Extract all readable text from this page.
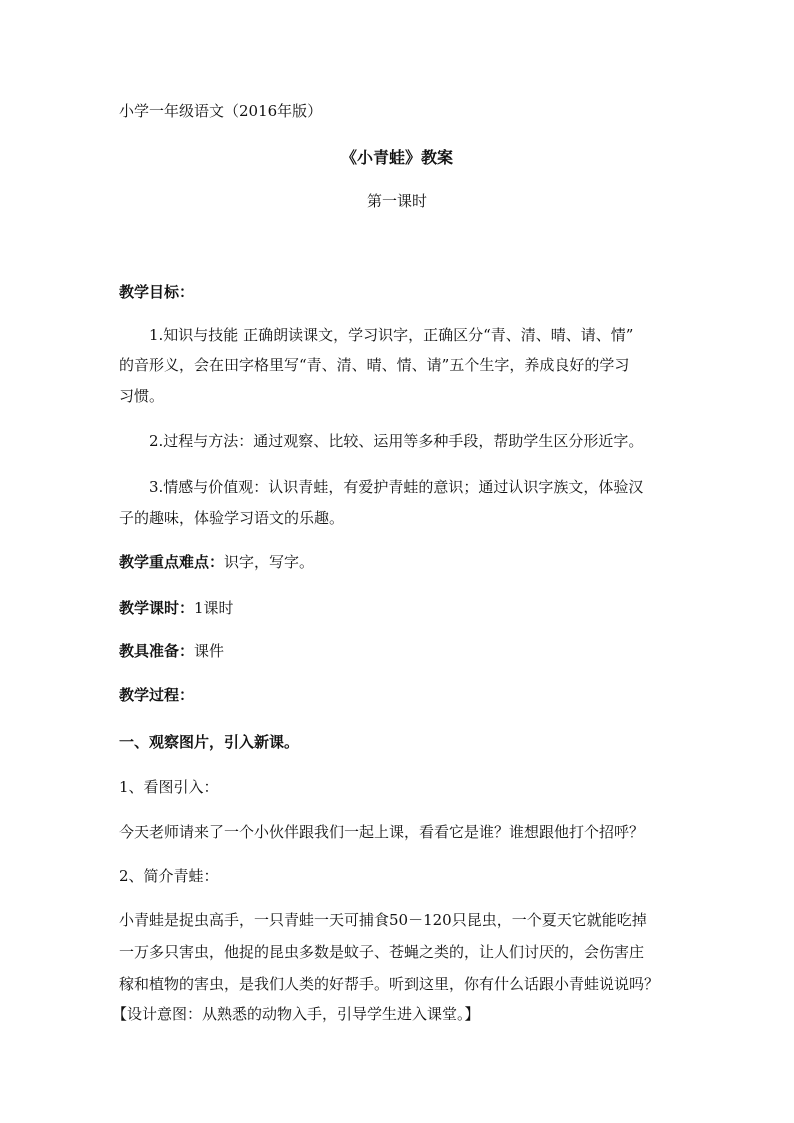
小学一年级语文（2016年版）
《小青蛙》教案
第一课时
教学目标：
1.知识与技能 正确朗读课文，学习识字，正确区分“青、清、晴、请、情”
的音形义，会在田字格里写“青、清、晴、情、请”五个生字，养成良好的学习
习惯。
2.过程与方法：通过观察、比较、运用等多种手段，帮助学生区分形近字。
3.情感与价值观：认识青蛙，有爱护青蛙的意识；通过认识字族文，体验汉
子的趣味，体验学习语文的乐趣。
教学重点难点：识字，写字。
教学课时：1课时
教具准备：课件
教学过程：
一、观察图片，引入新课。
1、看图引入：
今天老师请来了一个小伙伴跟我们一起上课，看看它是谁？谁想跟他打个招呼？
2、简介青蛙：
小青蛙是捉虫高手，一只青蛙一天可捕食50－120只昆虫，一个夏天它就能吃掉
一万多只害虫，他捉的昆虫多数是蚊子、苍蝇之类的，让人们讨厌的，会伤害庄
稼和植物的害虫，是我们人类的好帮手。听到这里，你有什么话跟小青蛙说说吗？
【设计意图：从熟悉的动物入手，引导学生进入课堂。】
